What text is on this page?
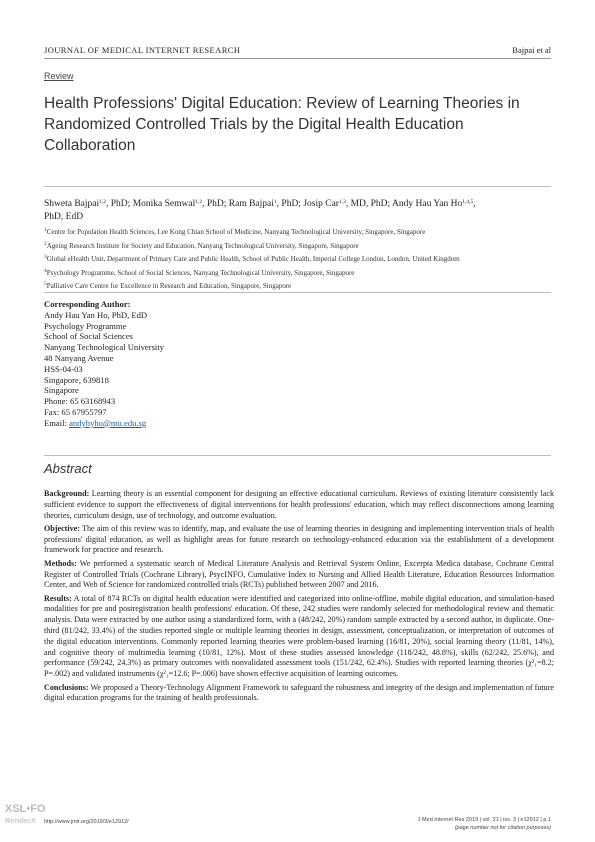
JOURNAL OF MEDICAL INTERNET RESEARCH	Bajpai et al
Review
Health Professions' Digital Education: Review of Learning Theories in Randomized Controlled Trials by the Digital Health Education Collaboration
Shweta Bajpai$^{1,2}$, PhD; Monika Semwal$^{1,2}$, PhD; Ram Bajpai$^1$, PhD; Josip Car$^{1,3}$, MD, PhD; Andy Hau Yan Ho$^{1,4,5}$,
PhD, EdD
$^1$Centre for Population Health Sciences, Lee Kong Chian School of Medicine, Nanyang Technological University, Singapore, Singapore
$^2$Ageing Research Institute for Society and Education, Nanyang Technological University, Singapore, Singapore
$^3$Global eHealth Unit, Department of Primary Care and Public Health, School of Public Health, Imperial College London, London, United Kingdom
$^4$Psychology Programme, School of Social Sciences, Nanyang Technological University, Singapore, Singapore
$^5$Palliative Care Centre for Excellence in Research and Education, Singapore, Singapore
Corresponding Author:
Andy Hau Yan Ho, PhD, EdD
Psychology Programme
School of Social Sciences
Nanyang Technological University
48 Nanyang Avenue
HSS-04-03
Singapore, 639818
Singapore
Phone: 65 63168943
Fax: 65 67955797
Email: andyhyho@ntu.edu.sg
Abstract

Background: Learning theory is an essential component for designing an effective educational curriculum. Reviews of existing literature consistently lack sufficient evidence to support the effectiveness of digital interventions for health professions' education, which may reflect disconnections among learning theories, curriculum design, use of technology, and outcome evaluation.

Objective: The aim of this review was to identify, map, and evaluate the use of learning theories in designing and implementing intervention trials of health professions' digital education, as well as highlight areas for future research on technology-enhanced education via the establishment of a development framework for practice and research.

Methods: We performed a systematic search of Medical Literature Analysis and Retrieval System Online, Excerpta Medica database, Cochrane Central Register of Controlled Trials (Cochrane Library), PsycINFO, Cumulative Index to Nursing and Allied Health Literature, Education Resources Information Center, and Web of Science for randomized controlled trials (RCTs) published between 2007 and 2016.

Results: A total of 874 RCTs on digital health education were identified and categorized into online-offline, mobile digital education, and simulation-based modalities for pre and postregistration health professions' education. Of these, 242 studies were randomly selected for methodological review and thematic analysis. Data were extracted by one author using a standardized form, with a (48/242, 20%) random sample extracted by a second author, in duplicate. One-third (81/242, 33.4%) of the studies reported single or multiple learning theories in design, assessment, conceptualization, or interpretation of outcomes of the digital education interventions. Commonly reported learning theories were problem-based learning (16/81, 20%), social learning theory (11/81, 14%), and cognitive theory of multimedia learning (10/81, 12%). Most of these studies assessed knowledge (118/242, 48.8%), skills (62/242, 25.6%), and performance (59/242, 24.3%) as primary outcomes with nonvalidated assessment tools (151/242, 62.4%). Studies with reported learning theories (χ²₁=8.2; P=.002) and validated instruments (χ²₁=12.6; P=.006) have shown effective acquisition of learning outcomes.

Conclusions: We proposed a Theory-Technology Alignment Framework to safeguard the robustness and integrity of the design and implementation of future digital education programs for the training of health professionals.

http://www.jmir.org/2019/3/e12912/	J Med Internet Res 2019 | vol. 21 | iss. 3 | e12912 | p.1
(page number not for citation purposes)
XSL•FO
RenderX
